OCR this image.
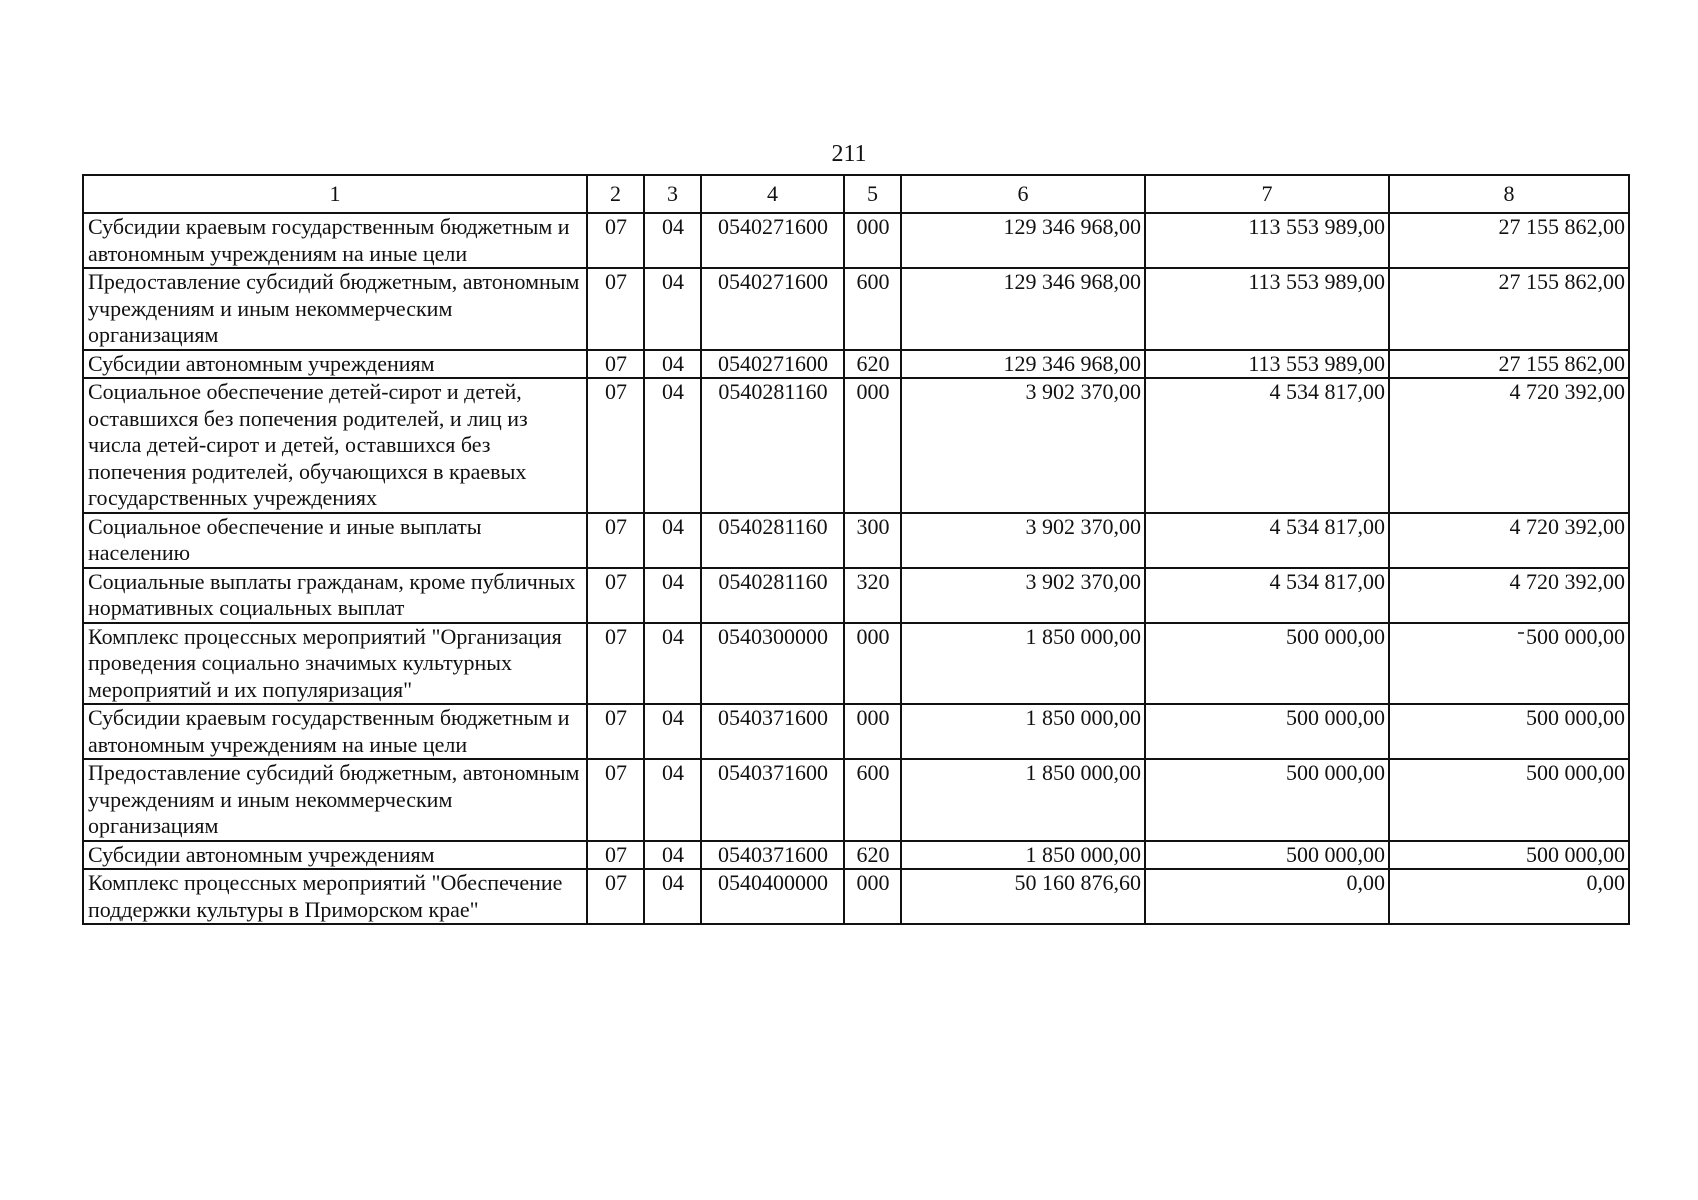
211
1	2	3	4	5	6	7	8
Субсидии краевым государственным бюджетным и автономным учреждениям на иные цели	07	04	0540271600	000	129 346 968,00	113 553 989,00	27 155 862,00
Предоставление субсидий бюджетным, автономным учреждениям и иным некоммерческим организациям	07	04	0540271600	600	129 346 968,00	113 553 989,00	27 155 862,00
Субсидии автономным учреждениям	07	04	0540271600	620	129 346 968,00	113 553 989,00	27 155 862,00
Социальное обеспечение детей-сирот и детей, оставшихся без попечения родителей, и лиц из числа детей-сирот и детей, оставшихся без попечения родителей, обучающихся в краевых государственных учреждениях	07	04	0540281160	000	3 902 370,00	4 534 817,00	4 720 392,00
Социальное обеспечение и иные выплаты населению	07	04	0540281160	300	3 902 370,00	4 534 817,00	4 720 392,00
Социальные выплаты гражданам, кроме публичных нормативных социальных выплат	07	04	0540281160	320	3 902 370,00	4 534 817,00	4 720 392,00
Комплекс процессных мероприятий "Организация проведения социально значимых культурных мероприятий и их популяризация"	07	04	0540300000	000	1 850 000,00	500 000,00	500 000,00
Субсидии краевым государственным бюджетным и автономным учреждениям на иные цели	07	04	0540371600	000	1 850 000,00	500 000,00	500 000,00
Предоставление субсидий бюджетным, автономным учреждениям и иным некоммерческим организациям	07	04	0540371600	600	1 850 000,00	500 000,00	500 000,00
Субсидии автономным учреждениям	07	04	0540371600	620	1 850 000,00	500 000,00	500 000,00
Комплекс процессных мероприятий "Обеспечение поддержки культуры в Приморском крае"	07	04	0540400000	000	50 160 876,60	0,00	0,00
